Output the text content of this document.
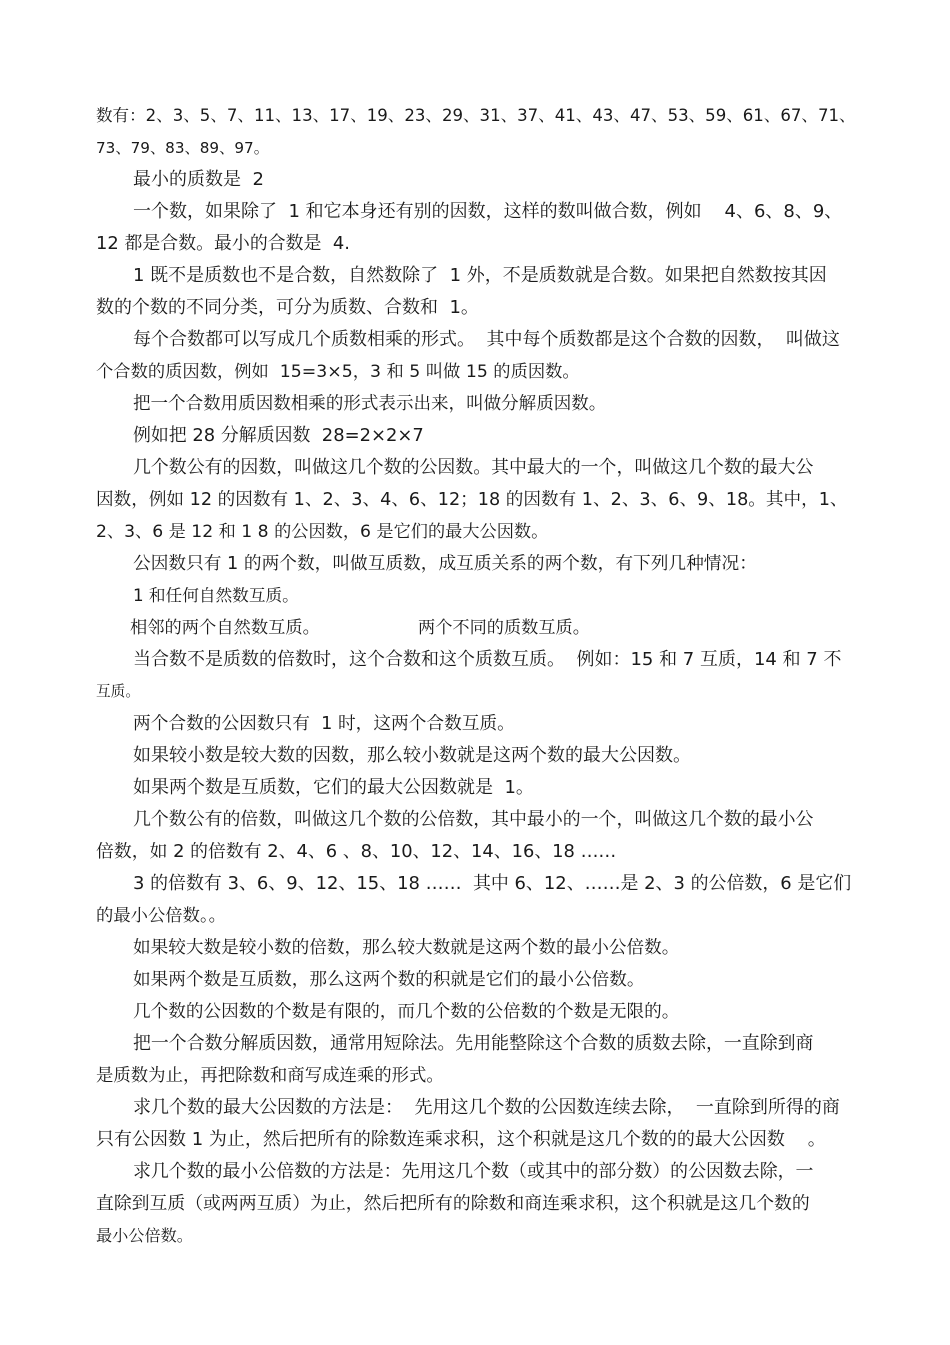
数有：2、3、5、7、11、13、17、19、23、29、31、37、41、43、47、53、59、61、67、71、
73、79、83、89、97。
最小的质数是  2
一个数，如果除了  1 和它本身还有别的因数，这样的数叫做合数，例如    4、6、8、9、
12 都是合数。最小的合数是  4.
1 既不是质数也不是合数，自然数除了  1 外，不是质数就是合数。如果把自然数按其因
数的个数的不同分类，可分为质数、合数和  1。
每个合数都可以写成几个质数相乘的形式。  其中每个质数都是这个合数的因数，  叫做这
个合数的质因数，例如  15=3×5，3 和 5 叫做 15 的质因数。
把一个合数用质因数相乘的形式表示出来，叫做分解质因数。
例如把 28 分解质因数  28=2×2×7
几个数公有的因数，叫做这几个数的公因数。其中最大的一个，叫做这几个数的最大公
因数，例如 12 的因数有 1、2、3、4、6、12；18 的因数有 1、2、3、6、9、18。其中，1、
2、3、6 是 12 和 1 8 的公因数，6 是它们的最大公因数。
公因数只有 1 的两个数，叫做互质数，成互质关系的两个数，有下列几种情况：
1 和任何自然数互质。
相邻的两个自然数互质。	两个不同的质数互质。
当合数不是质数的倍数时，这个合数和这个质数互质。  例如：15 和 7 互质，14 和 7 不
互质。
两个合数的公因数只有  1 时，这两个合数互质。
如果较小数是较大数的因数，那么较小数就是这两个数的最大公因数。
如果两个数是互质数，它们的最大公因数就是  1。
几个数公有的倍数，叫做这几个数的公倍数，其中最小的一个，叫做这几个数的最小公
倍数，如 2 的倍数有 2、4、6 、8、10、12、14、16、18 ……
3 的倍数有 3、6、9、12、15、18 ……  其中 6、12、……是 2、3 的公倍数，6 是它们
的最小公倍数。。
如果较大数是较小数的倍数，那么较大数就是这两个数的最小公倍数。
如果两个数是互质数，那么这两个数的积就是它们的最小公倍数。
几个数的公因数的个数是有限的，而几个数的公倍数的个数是无限的。
把一个合数分解质因数，通常用短除法。先用能整除这个合数的质数去除，一直除到商
是质数为止，再把除数和商写成连乘的形式。
求几个数的最大公因数的方法是：  先用这几个数的公因数连续去除，  一直除到所得的商
只有公因数 1 为止，然后把所有的除数连乘求积，这个积就是这几个数的的最大公因数    。
求几个数的最小公倍数的方法是：先用这几个数（或其中的部分数）的公因数去除，一
直除到互质（或两两互质）为止，然后把所有的除数和商连乘求积，这个积就是这几个数的
最小公倍数。
